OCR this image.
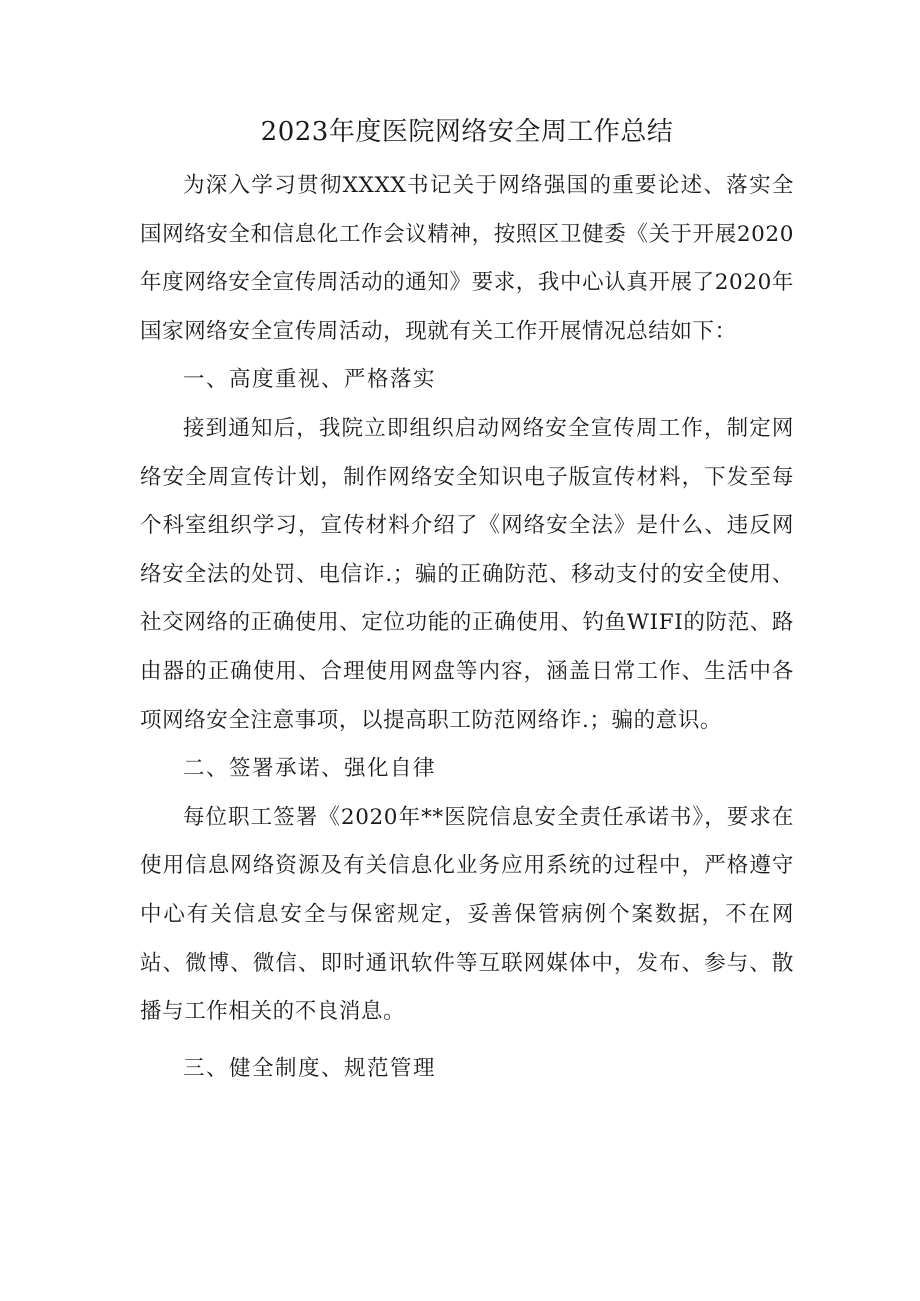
2023年度医院网络安全周工作总结

为深入学习贯彻XXXX书记关于网络强国的重要论述、落实全国网络安全和信息化工作会议精神，按照区卫健委《关于开展2020年度网络安全宣传周活动的通知》要求，我中心认真开展了2020年国家网络安全宣传周活动，现就有关工作开展情况总结如下：

一、高度重视、严格落实

接到通知后，我院立即组织启动网络安全宣传周工作，制定网络安全周宣传计划，制作网络安全知识电子版宣传材料，下发至每个科室组织学习，宣传材料介绍了《网络安全法》是什么、违反网络安全法的处罚、电信诈.；骗的正确防范、移动支付的安全使用、社交网络的正确使用、定位功能的正确使用、钓鱼WIFI的防范、路由器的正确使用、合理使用网盘等内容，涵盖日常工作、生活中各项网络安全注意事项，以提高职工防范网络诈.；骗的意识。

二、签署承诺、强化自律

每位职工签署《2020年**医院信息安全责任承诺书》，要求在使用信息网络资源及有关信息化业务应用系统的过程中，严格遵守中心有关信息安全与保密规定，妥善保管病例个案数据，不在网站、微博、微信、即时通讯软件等互联网媒体中，发布、参与、散播与工作相关的不良消息。

三、健全制度、规范管理
